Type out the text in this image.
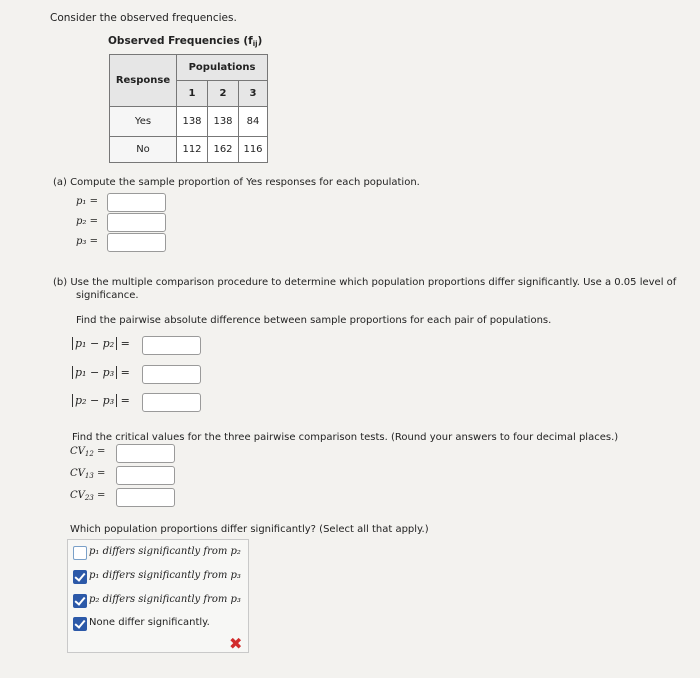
Consider the observed frequencies.
Observed Frequencies (fij)
Response	Populations		
	1	2	3
Yes	138	138	84
No	112	162	116
(a) Compute the sample proportion of Yes responses for each population.
p₁ =
p₂ =
p₃ =
(b) Use the multiple comparison procedure to determine which population proportions differ significantly. Use a 0.05 level of
significance.
Find the pairwise absolute difference between sample proportions for each pair of populations.
p₁ − p₂ =
p₁ − p₃ =
p₂ − p₃ =
Find the critical values for the three pairwise comparison tests. (Round your answers to four decimal places.)
$CV_{12}$ =
$CV_{13}$ =
$CV_{23}$ =
Which population proportions differ significantly? (Select all that apply.)
p₁ differs significantly from p₂
p₁ differs significantly from p₃
p₂ differs significantly from p₃
None differ significantly.
✖
